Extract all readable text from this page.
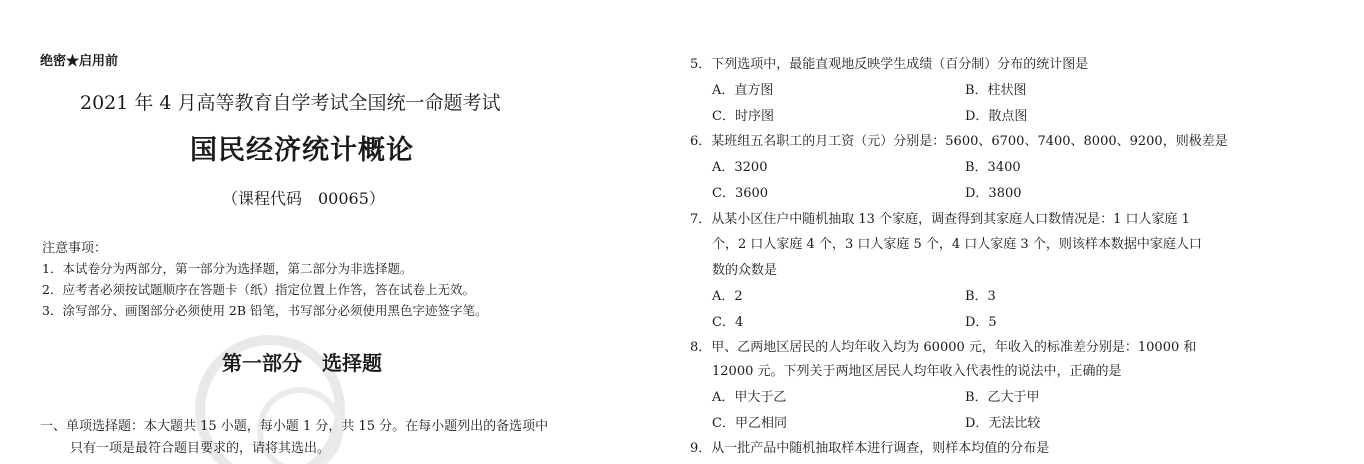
绝密★启用前
2021 年 4 月高等教育自学考试全国统一命题考试
国民经济统计概论
（课程代码　00065）
注意事项：
1．本试卷分为两部分，第一部分为选择题，第二部分为非选择题。
2．应考者必须按试题顺序在答题卡（纸）指定位置上作答，答在试卷上无效。
3．涂写部分、画图部分必须使用 2B 铅笔，书写部分必须使用黑色字迹签字笔。
第一部分　选择题
一、单项选择题：本大题共 15 小题，每小题 1 分，共 15 分。在每小题列出的备选项中
只有一项是最符合题目要求的，请将其选出。
5．下列选项中，最能直观地反映学生成绩（百分制）分布的统计图是
A．直方图	B．柱状图
C．时序图	D．散点图
6．某班组五名职工的月工资（元）分别是：5600、6700、7400、8000、9200，则极差是
A．3200	B．3400
C．3600	D．3800
7．从某小区住户中随机抽取 13 个家庭，调查得到其家庭人口数情况是：1 口人家庭 1
个，2 口人家庭 4 个，3 口人家庭 5 个，4 口人家庭 3 个，则该样本数据中家庭人口
数的众数是
A．2	B．3
C．4	D．5
8．甲、乙两地区居民的人均年收入均为 60000 元，年收入的标准差分别是：10000 和
12000 元。下列关于两地区居民人均年收入代表性的说法中，正确的是
A．甲大于乙	B．乙大于甲
C．甲乙相同	D．无法比较
9．从一批产品中随机抽取样本进行调查，则样本均值的分布是
